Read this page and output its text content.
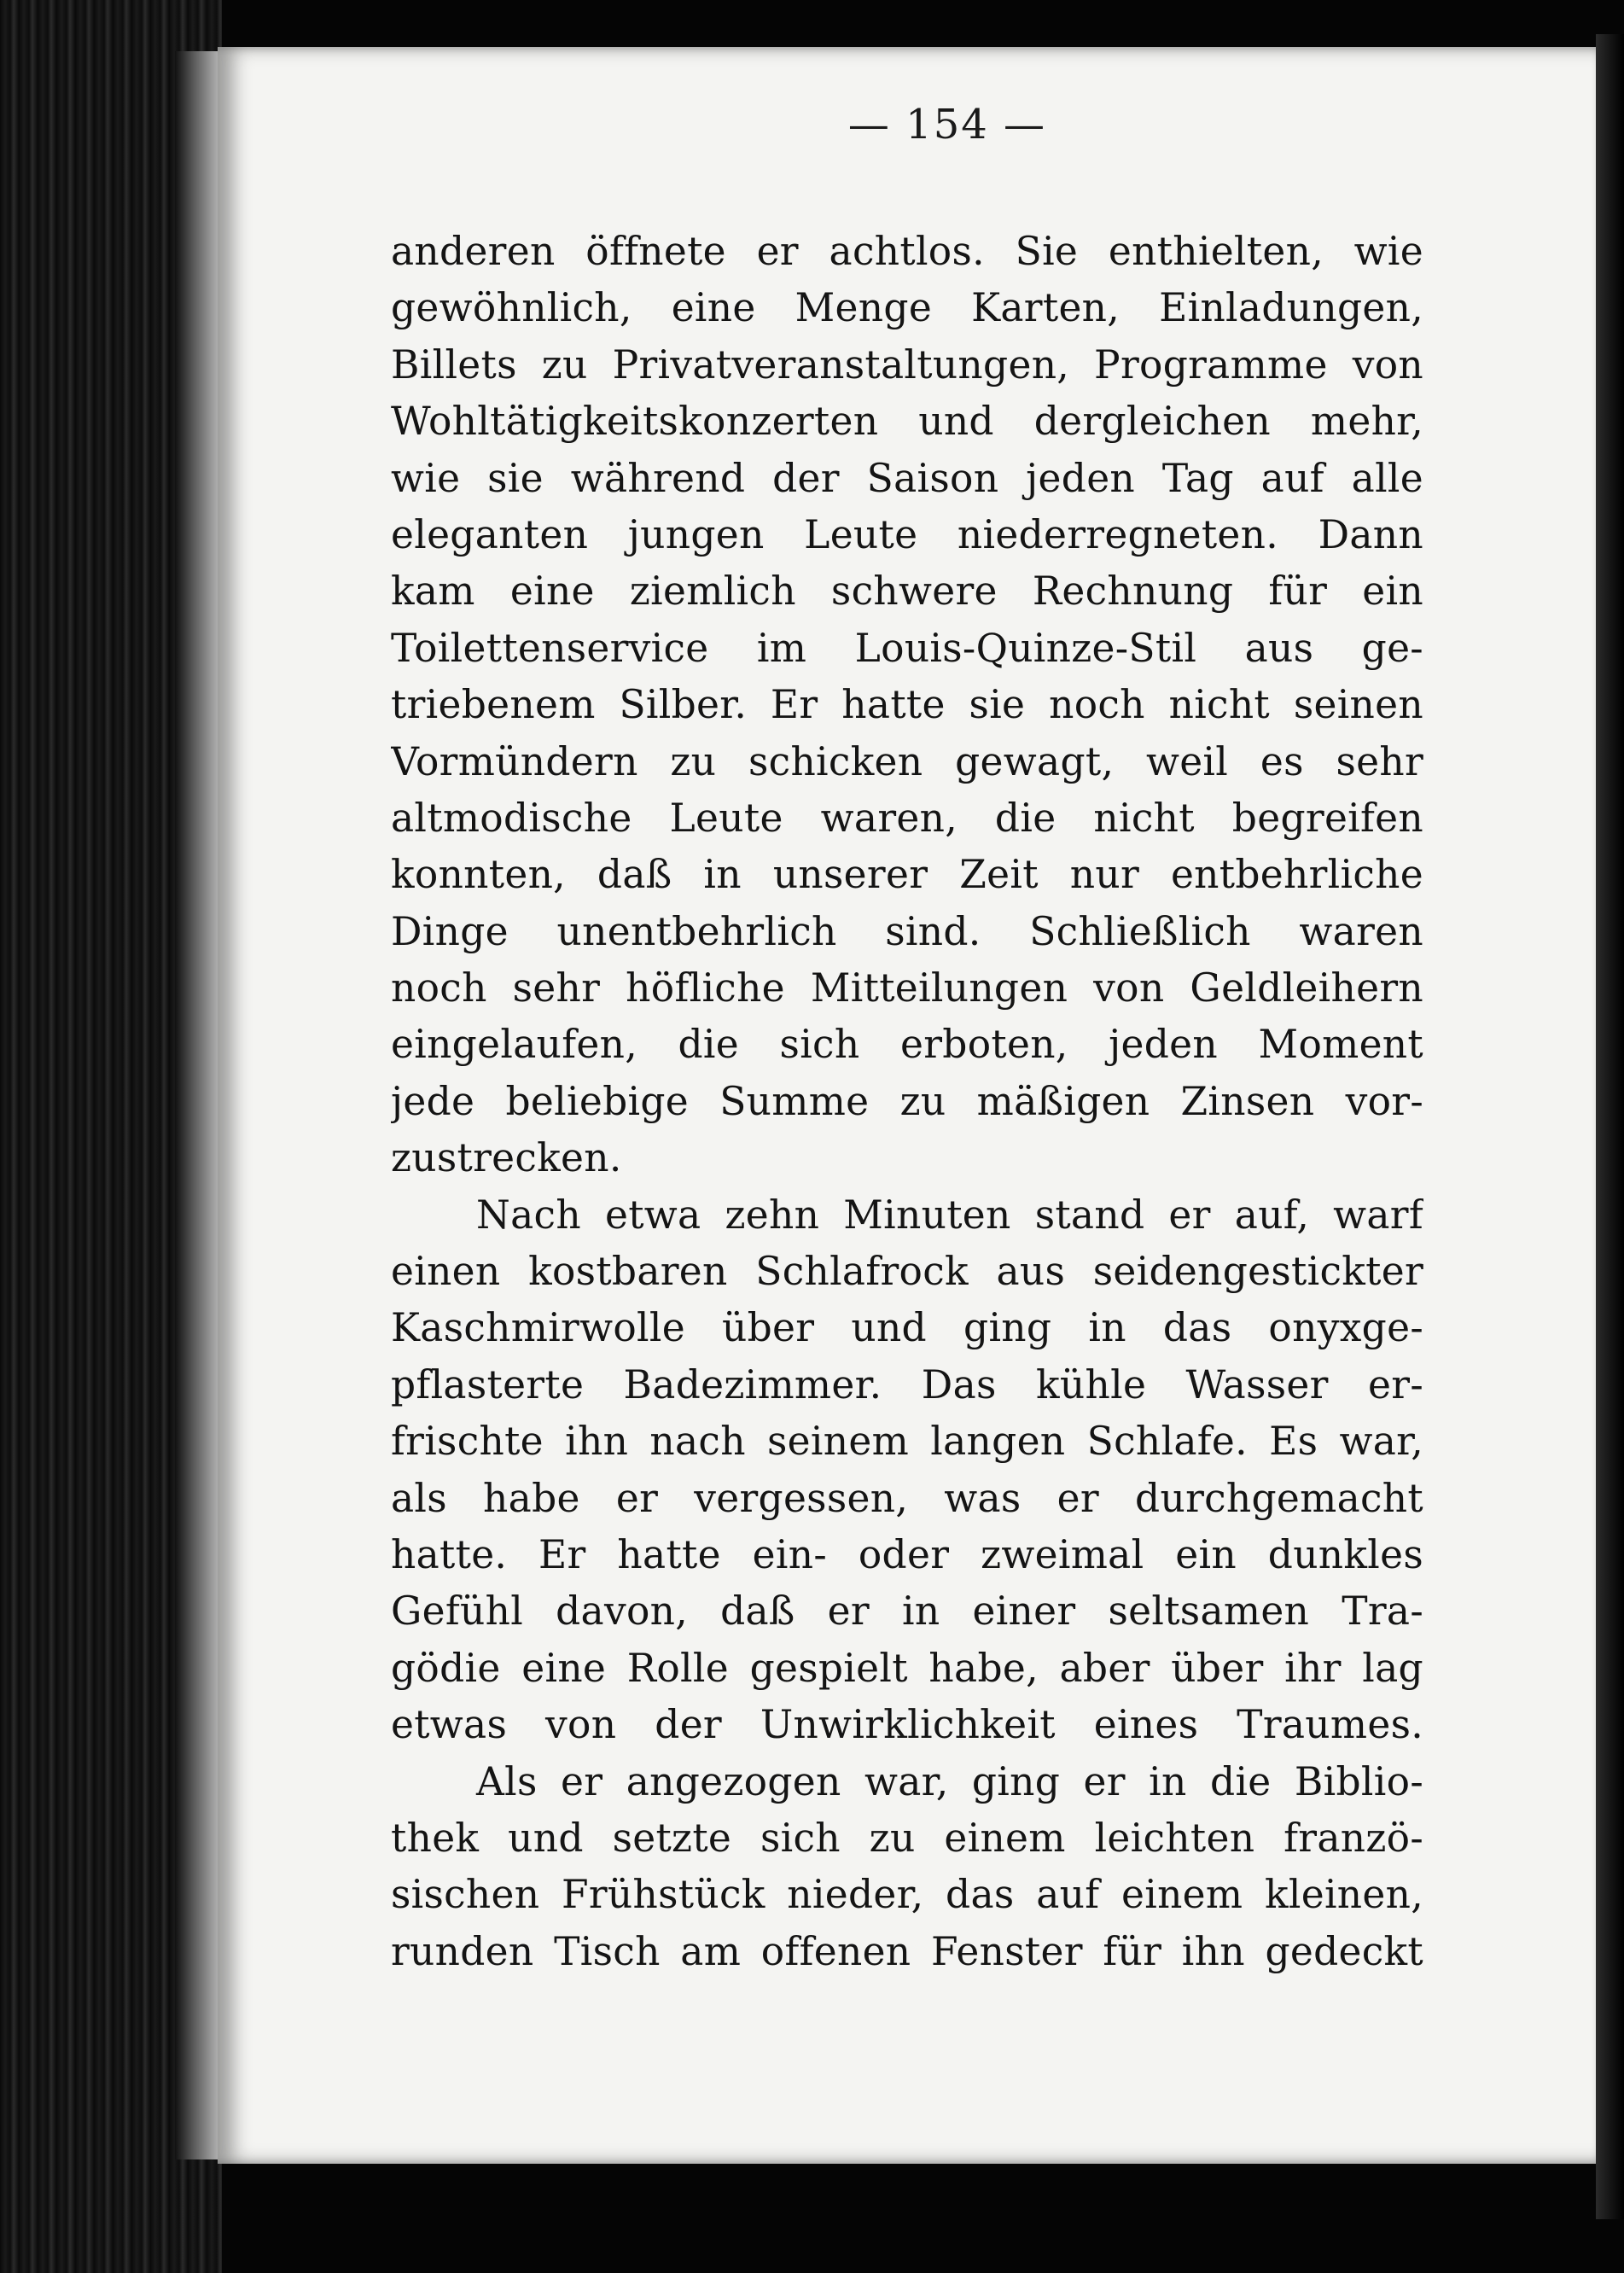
— 154 —
anderen öffnete er achtlos. Sie enthielten, wie
gewöhnlich, eine Menge Karten, Einladungen,
Billets zu Privatveranstaltungen, Programme von
Wohltätigkeitskonzerten und dergleichen mehr,
wie sie während der Saison jeden Tag auf alle
eleganten jungen Leute niederregneten. Dann
kam eine ziemlich schwere Rechnung für ein
Toilettenservice im Louis-Quinze-Stil aus ge-
triebenem Silber. Er hatte sie noch nicht seinen
Vormündern zu schicken gewagt, weil es sehr
altmodische Leute waren, die nicht begreifen
konnten, daß in unserer Zeit nur entbehrliche
Dinge unentbehrlich sind. Schließlich waren
noch sehr höfliche Mitteilungen von Geldleihern
eingelaufen, die sich erboten, jeden Moment
jede beliebige Summe zu mäßigen Zinsen vor-
zustrecken.
Nach etwa zehn Minuten stand er auf, warf
einen kostbaren Schlafrock aus seidengestickter
Kaschmirwolle über und ging in das onyxge-
pflasterte Badezimmer. Das kühle Wasser er-
frischte ihn nach seinem langen Schlafe. Es war,
als habe er vergessen, was er durchgemacht
hatte. Er hatte ein- oder zweimal ein dunkles
Gefühl davon, daß er in einer seltsamen Tra-
gödie eine Rolle gespielt habe, aber über ihr lag
etwas von der Unwirklichkeit eines Traumes.
Als er angezogen war, ging er in die Biblio-
thek und setzte sich zu einem leichten franzö-
sischen Frühstück nieder, das auf einem kleinen,
runden Tisch am offenen Fenster für ihn gedeckt
